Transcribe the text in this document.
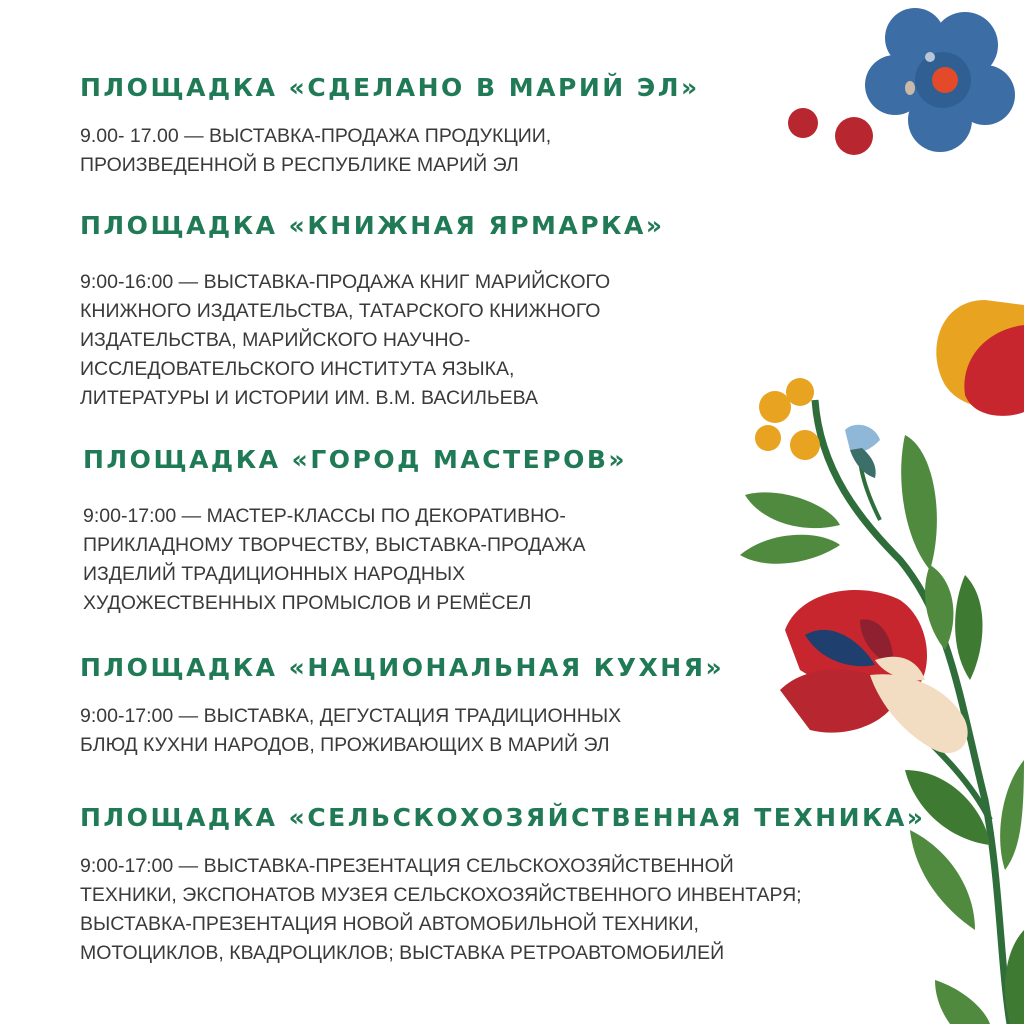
ПЛОЩАДКА «СДЕЛАНО В МАРИЙ ЭЛ»
9.00- 17.00 — ВЫСТАВКА-ПРОДАЖА ПРОДУКЦИИ,
ПРОИЗВЕДЕННОЙ В РЕСПУБЛИКЕ МАРИЙ ЭЛ
ПЛОЩАДКА «КНИЖНАЯ ЯРМАРКА»
9:00-16:00 — ВЫСТАВКА-ПРОДАЖА КНИГ МАРИЙСКОГО
КНИЖНОГО ИЗДАТЕЛЬСТВА, ТАТАРСКОГО КНИЖНОГО
ИЗДАТЕЛЬСТВА, МАРИЙСКОГО НАУЧНО-
ИССЛЕДОВАТЕЛЬСКОГО ИНСТИТУТА ЯЗЫКА,
ЛИТЕРАТУРЫ И ИСТОРИИ ИМ. В.М. ВАСИЛЬЕВА
ПЛОЩАДКА «ГОРОД МАСТЕРОВ»
9:00-17:00 — МАСТЕР-КЛАССЫ ПО ДЕКОРАТИВНО-
ПРИКЛАДНОМУ ТВОРЧЕСТВУ, ВЫСТАВКА-ПРОДАЖА
ИЗДЕЛИЙ ТРАДИЦИОННЫХ НАРОДНЫХ
ХУДОЖЕСТВЕННЫХ ПРОМЫСЛОВ И РЕМЁСЕЛ
ПЛОЩАДКА «НАЦИОНАЛЬНАЯ КУХНЯ»
9:00-17:00 — ВЫСТАВКА, ДЕГУСТАЦИЯ ТРАДИЦИОННЫХ
БЛЮД КУХНИ НАРОДОВ, ПРОЖИВАЮЩИХ В МАРИЙ ЭЛ
ПЛОЩАДКА «СЕЛЬСКОХОЗЯЙСТВЕННАЯ ТЕХНИКА»
9:00-17:00 — ВЫСТАВКА-ПРЕЗЕНТАЦИЯ СЕЛЬСКОХОЗЯЙСТВЕННОЙ
ТЕХНИКИ, ЭКСПОНАТОВ МУЗЕЯ СЕЛЬСКОХОЗЯЙСТВЕННОГО ИНВЕНТАРЯ;
ВЫСТАВКА-ПРЕЗЕНТАЦИЯ НОВОЙ АВТОМОБИЛЬНОЙ ТЕХНИКИ,
МОТОЦИКЛОВ, КВАДРОЦИКЛОВ; ВЫСТАВКА РЕТРОАВТОМОБИЛЕЙ
